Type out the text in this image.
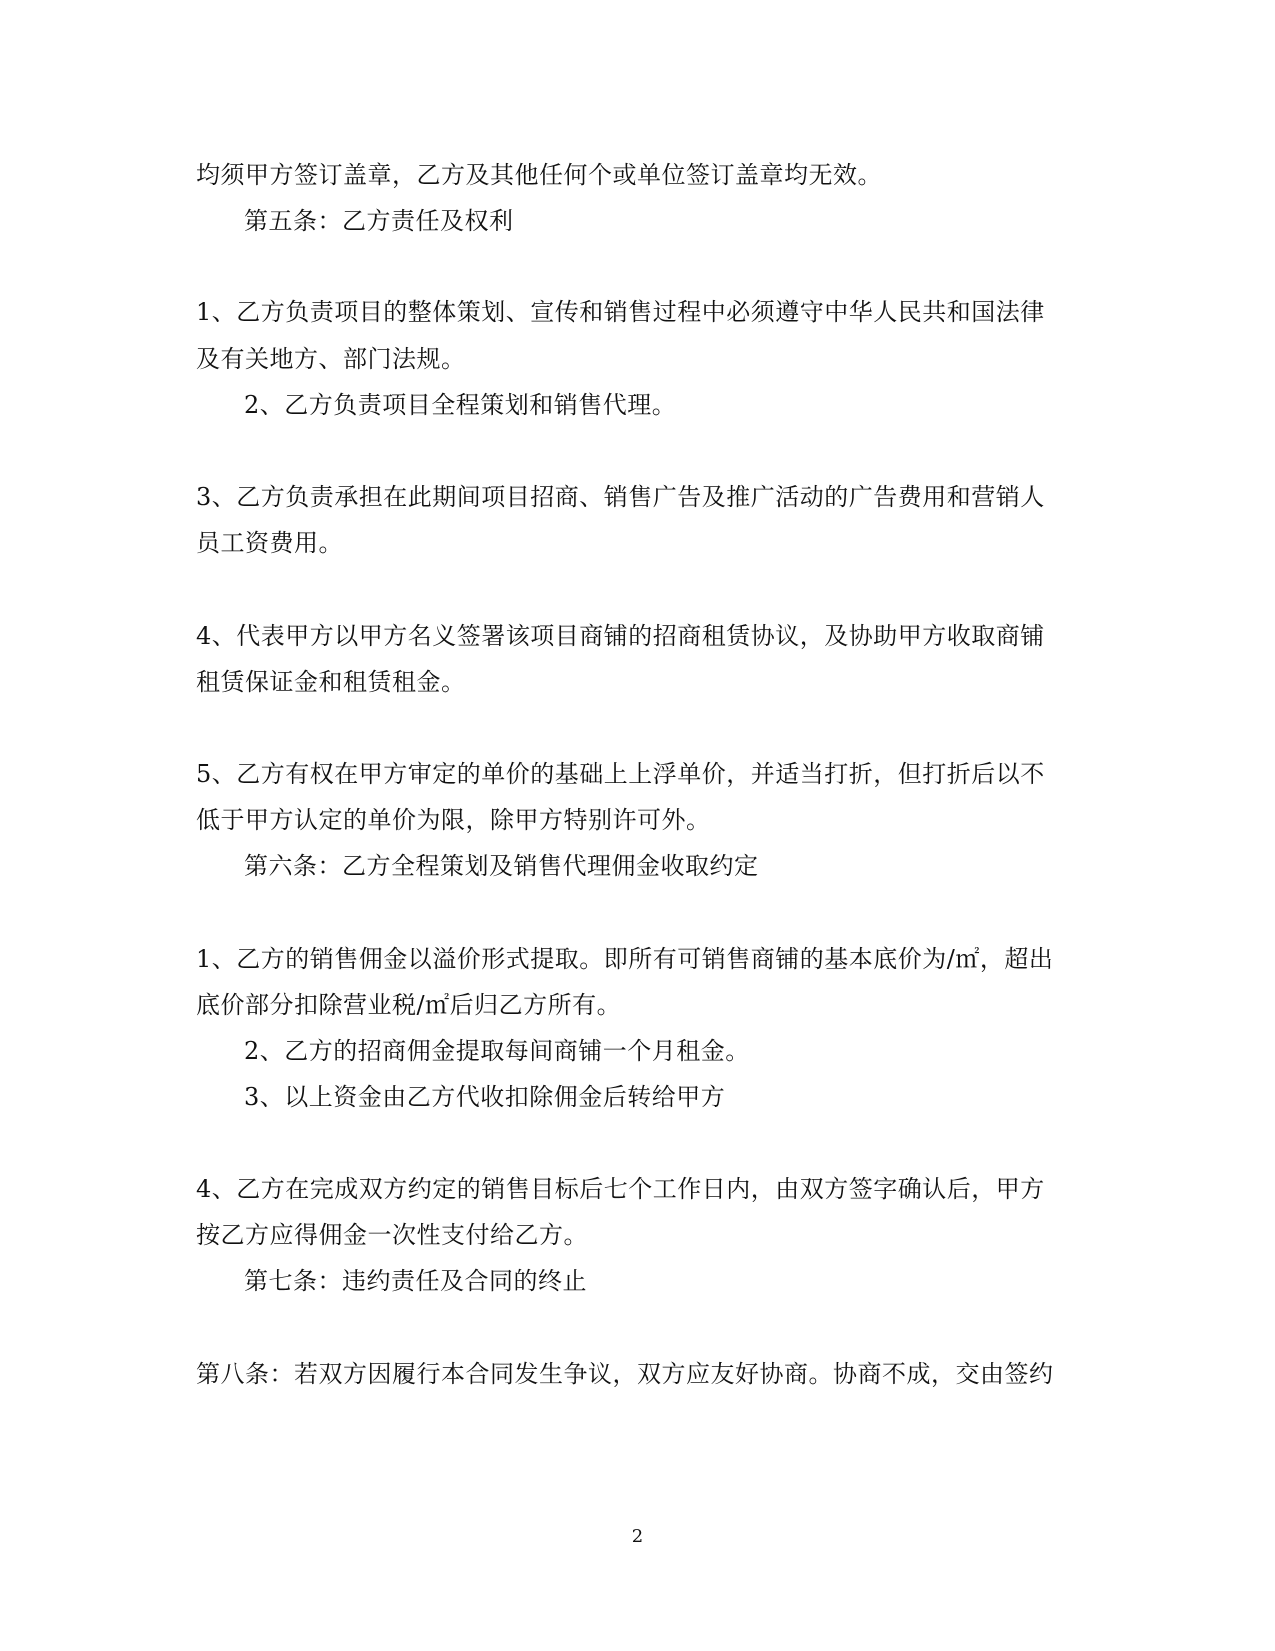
均须甲方签订盖章，乙方及其他任何个或单位签订盖章均无效。
第五条：乙方责任及权利
1、乙方负责项目的整体策划、宣传和销售过程中必须遵守中华人民共和国法律
及有关地方、部门法规。
2、乙方负责项目全程策划和销售代理。
3、乙方负责承担在此期间项目招商、销售广告及推广活动的广告费用和营销人
员工资费用。
4、代表甲方以甲方名义签署该项目商铺的招商租赁协议，及协助甲方收取商铺
租赁保证金和租赁租金。
5、乙方有权在甲方审定的单价的基础上上浮单价，并适当打折，但打折后以不
低于甲方认定的单价为限，除甲方特别许可外。
第六条：乙方全程策划及销售代理佣金收取约定
1、乙方的销售佣金以溢价形式提取。即所有可销售商铺的基本底价为/㎡，超出
底价部分扣除营业税/㎡后归乙方所有。
2、乙方的招商佣金提取每间商铺一个月租金。
3、以上资金由乙方代收扣除佣金后转给甲方
4、乙方在完成双方约定的销售目标后七个工作日内，由双方签字确认后，甲方
按乙方应得佣金一次性支付给乙方。
第七条：违约责任及合同的终止
第八条：若双方因履行本合同发生争议，双方应友好协商。协商不成，交由签约
2
